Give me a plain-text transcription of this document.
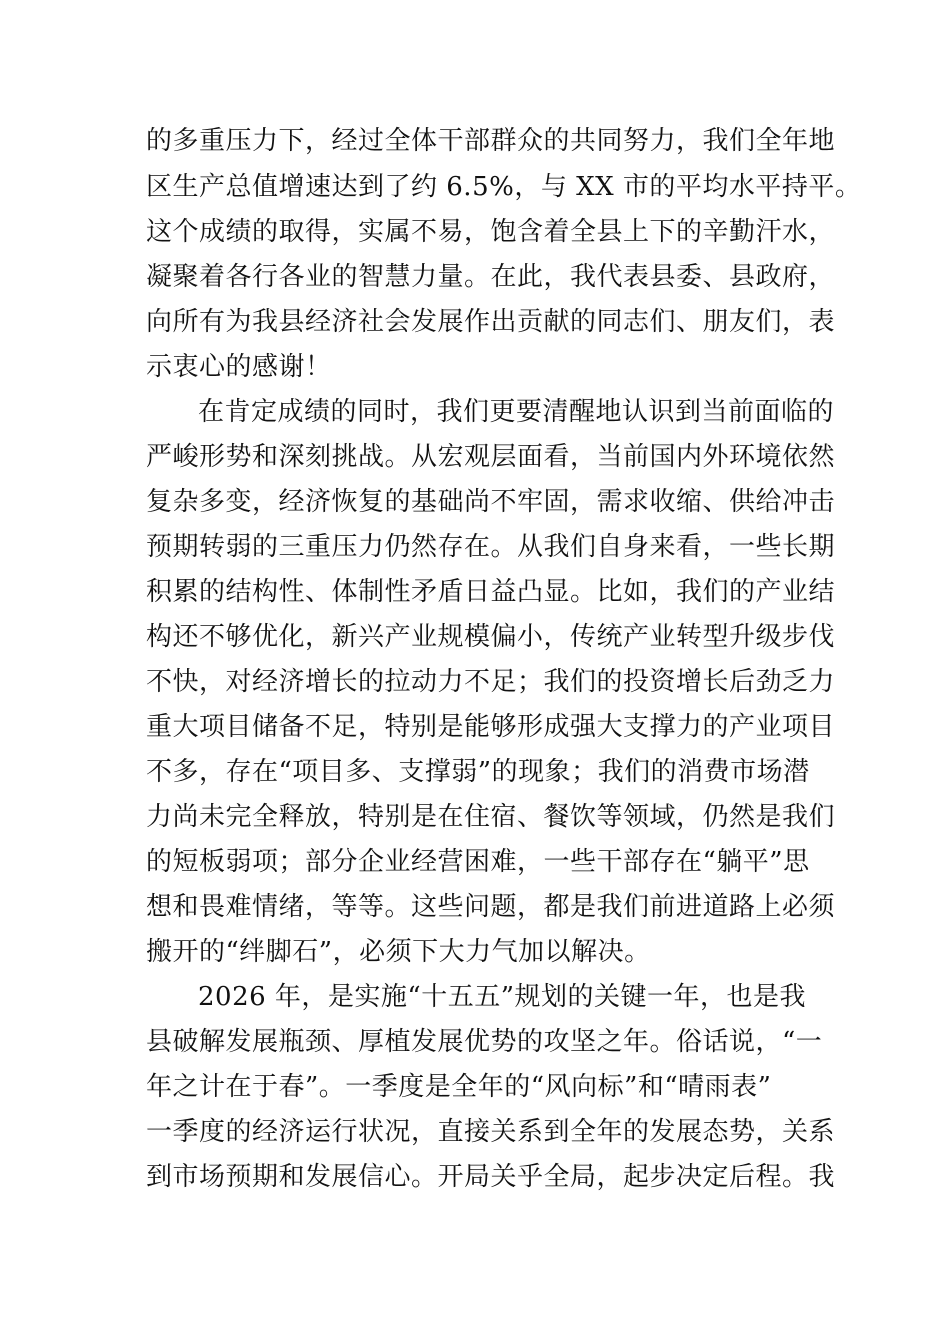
的多重压力下，经过全体干部群众的共同努力，我们全年地
区生产总值增速达到了约 6.5%，与 XX 市的平均水平持平。
这个成绩的取得，实属不易，饱含着全县上下的辛勤汗水，
凝聚着各行各业的智慧力量。在此，我代表县委、县政府，
向所有为我县经济社会发展作出贡献的同志们、朋友们，表
示衷心的感谢！
在肯定成绩的同时，我们更要清醒地认识到当前面临的
严峻形势和深刻挑战。从宏观层面看，当前国内外环境依然
复杂多变，经济恢复的基础尚不牢固，需求收缩、供给冲击
预期转弱的三重压力仍然存在。从我们自身来看，一些长期
积累的结构性、体制性矛盾日益凸显。比如，我们的产业结
构还不够优化，新兴产业规模偏小，传统产业转型升级步伐
不快，对经济增长的拉动力不足；我们的投资增长后劲乏力
重大项目储备不足，特别是能够形成强大支撑力的产业项目
不多，存在“项目多、支撑弱”的现象；我们的消费市场潜
力尚未完全释放，特别是在住宿、餐饮等领域，仍然是我们
的短板弱项；部分企业经营困难，一些干部存在“躺平”思
想和畏难情绪，等等。这些问题，都是我们前进道路上必须
搬开的“绊脚石”，必须下大力气加以解决。
2026 年，是实施“十五五”规划的关键一年，也是我
县破解发展瓶颈、厚植发展优势的攻坚之年。俗话说，“一
年之计在于春”。一季度是全年的“风向标”和“晴雨表”
一季度的经济运行状况，直接关系到全年的发展态势，关系
到市场预期和发展信心。开局关乎全局，起步决定后程。我
